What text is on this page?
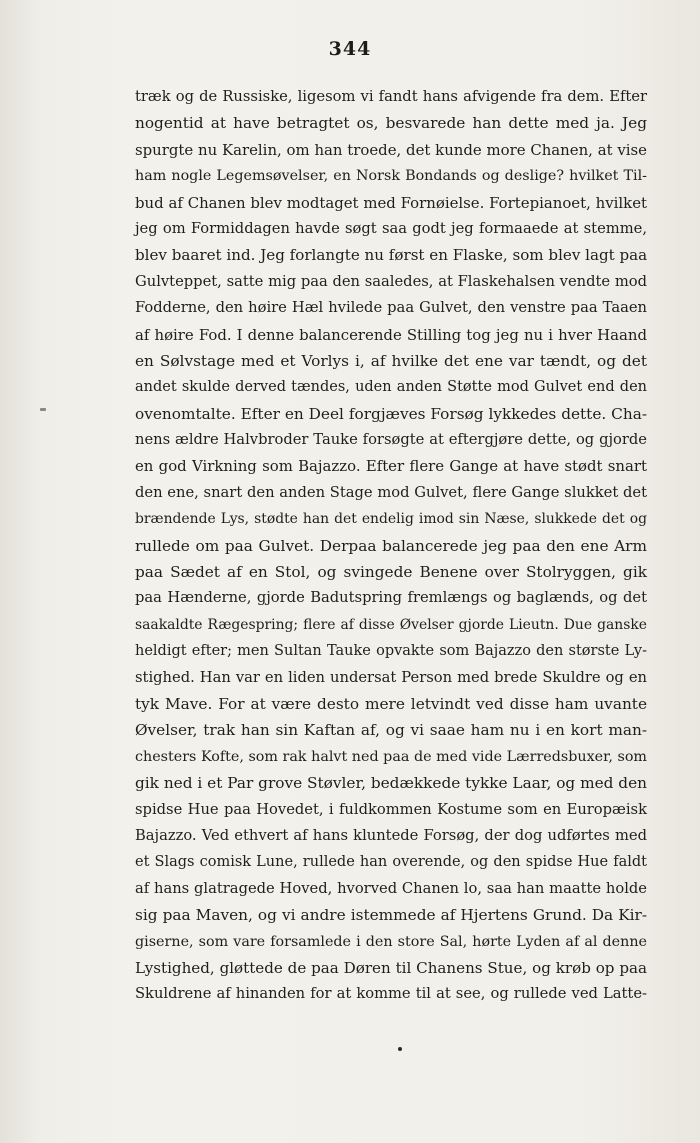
344
træk og de Russiske, ligesom vi fandt hans afvigende fra dem. Efter
nogentid at have betragtet os, besvarede han dette med ja. Jeg
spurgte nu Karelin, om han troede, det kunde more Chanen, at vise
ham nogle Legemsøvelser, en Norsk Bondands og deslige? hvilket Til-
bud af Chanen blev modtaget med Fornøielse. Fortepianoet, hvilket
jeg om Formiddagen havde søgt saa godt jeg formaaede at stemme,
blev baaret ind. Jeg forlangte nu først en Flaske, som blev lagt paa
Gulvteppet, satte mig paa den saaledes, at Flaskehalsen vendte mod
Fodderne, den høire Hæl hvilede paa Gulvet, den venstre paa Taaen
af høire Fod. I denne balancerende Stilling tog jeg nu i hver Haand
en Sølvstage med et Vorlys i, af hvilke det ene var tændt, og det
andet skulde derved tændes, uden anden Støtte mod Gulvet end den
ovenomtalte. Efter en Deel forgjæves Forsøg lykkedes dette. Cha-
nens ældre Halvbroder Tauke forsøgte at eftergjøre dette, og gjorde
en god Virkning som Bajazzo. Efter flere Gange at have stødt snart
den ene, snart den anden Stage mod Gulvet, flere Gange slukket det
brændende Lys, stødte han det endelig imod sin Næse, slukkede det og
rullede om paa Gulvet. Derpaa balancerede jeg paa den ene Arm
paa Sædet af en Stol, og svingede Benene over Stolryggen, gik
paa Hænderne, gjorde Badutspring fremlængs og baglænds, og det
saakaldte Rægespring; flere af disse Øvelser gjorde Lieutn. Due ganske
heldigt efter; men Sultan Tauke opvakte som Bajazzo den største Ly-
stighed. Han var en liden undersat Person med brede Skuldre og en
tyk Mave. For at være desto mere letvindt ved disse ham uvante
Øvelser, trak han sin Kaftan af, og vi saae ham nu i en kort man-
chesters Kofte, som rak halvt ned paa de med vide Lærredsbuxer, som
gik ned i et Par grove Støvler, bedækkede tykke Laar, og med den
spidse Hue paa Hovedet, i fuldkommen Kostume som en Europæisk
Bajazzo. Ved ethvert af hans kluntede Forsøg, der dog udførtes med
et Slags comisk Lune, rullede han overende, og den spidse Hue faldt
af hans glatragede Hoved, hvorved Chanen lo, saa han maatte holde
sig paa Maven, og vi andre istemmede af Hjertens Grund. Da Kir-
giserne, som vare forsamlede i den store Sal, hørte Lyden af al denne
Lystighed, gløttede de paa Døren til Chanens Stue, og krøb op paa
Skuldrene af hinanden for at komme til at see, og rullede ved Latte-
